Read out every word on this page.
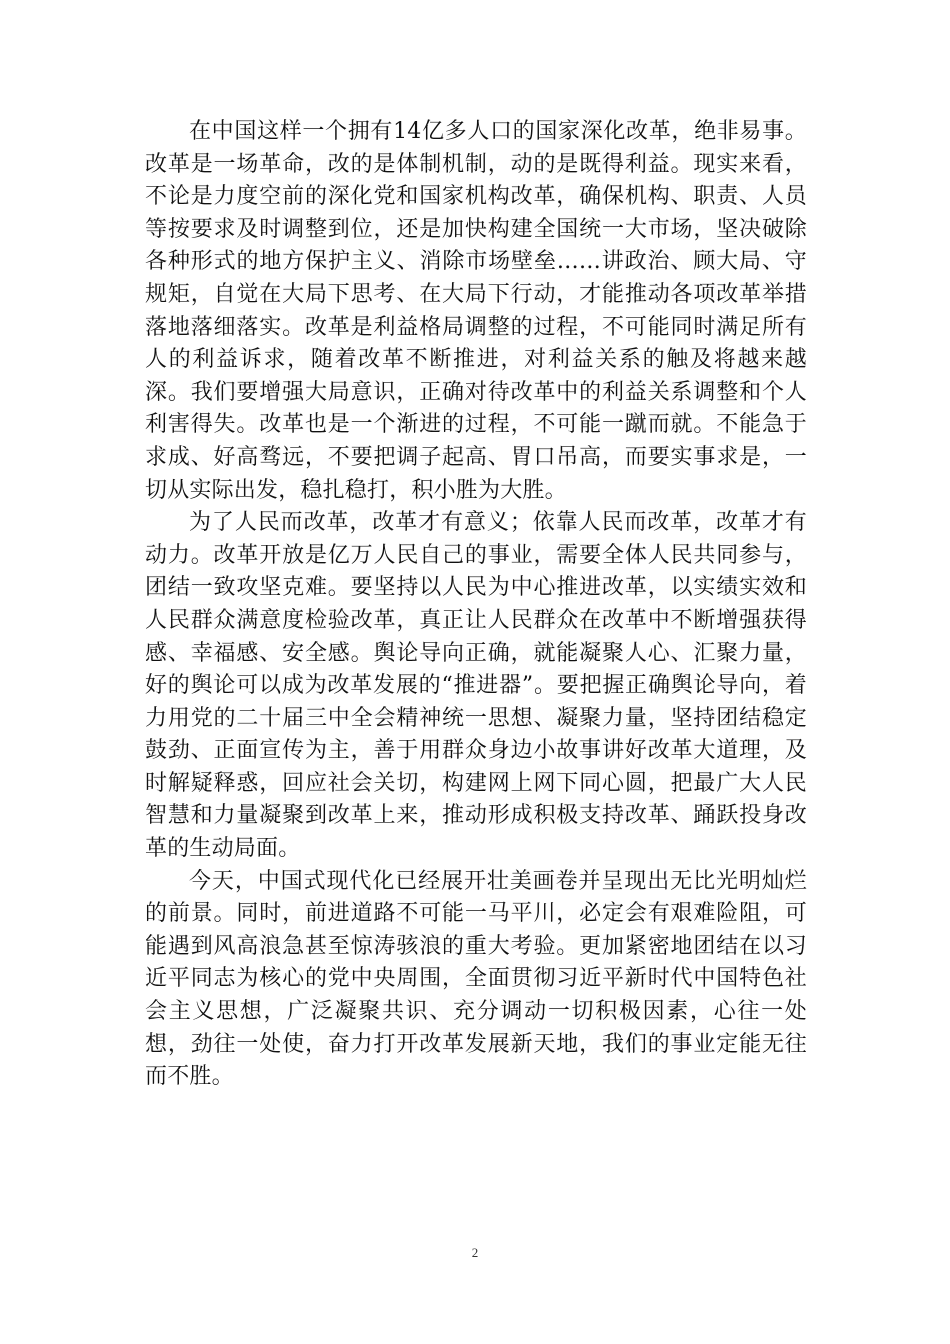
在中国这样一个拥有14亿多人口的国家深化改革，绝非易事。改革是一场革命，改的是体制机制，动的是既得利益。现实来看，不论是力度空前的深化党和国家机构改革，确保机构、职责、人员等按要求及时调整到位，还是加快构建全国统一大市场，坚决破除各种形式的地方保护主义、消除市场壁垒……讲政治、顾大局、守规矩，自觉在大局下思考、在大局下行动，才能推动各项改革举措落地落细落实。改革是利益格局调整的过程，不可能同时满足所有人的利益诉求，随着改革不断推进，对利益关系的触及将越来越深。我们要增强大局意识，正确对待改革中的利益关系调整和个人利害得失。改革也是一个渐进的过程，不可能一蹴而就。不能急于求成、好高骛远，不要把调子起高、胃口吊高，而要实事求是，一切从实际出发，稳扎稳打，积小胜为大胜。

为了人民而改革，改革才有意义；依靠人民而改革，改革才有动力。改革开放是亿万人民自己的事业，需要全体人民共同参与，团结一致攻坚克难。要坚持以人民为中心推进改革，以实绩实效和人民群众满意度检验改革，真正让人民群众在改革中不断增强获得感、幸福感、安全感。舆论导向正确，就能凝聚人心、汇聚力量，好的舆论可以成为改革发展的“推进器”。要把握正确舆论导向，着力用党的二十届三中全会精神统一思想、凝聚力量，坚持团结稳定鼓劲、正面宣传为主，善于用群众身边小故事讲好改革大道理，及时解疑释惑，回应社会关切，构建网上网下同心圆，把最广大人民智慧和力量凝聚到改革上来，推动形成积极支持改革、踊跃投身改革的生动局面。

今天，中国式现代化已经展开壮美画卷并呈现出无比光明灿烂的前景。同时，前进道路不可能一马平川，必定会有艰难险阻，可能遇到风高浪急甚至惊涛骇浪的重大考验。更加紧密地团结在以习近平同志为核心的党中央周围，全面贯彻习近平新时代中国特色社会主义思想，广泛凝聚共识、充分调动一切积极因素，心往一处想，劲往一处使，奋力打开改革发展新天地，我们的事业定能无往而不胜。

2
